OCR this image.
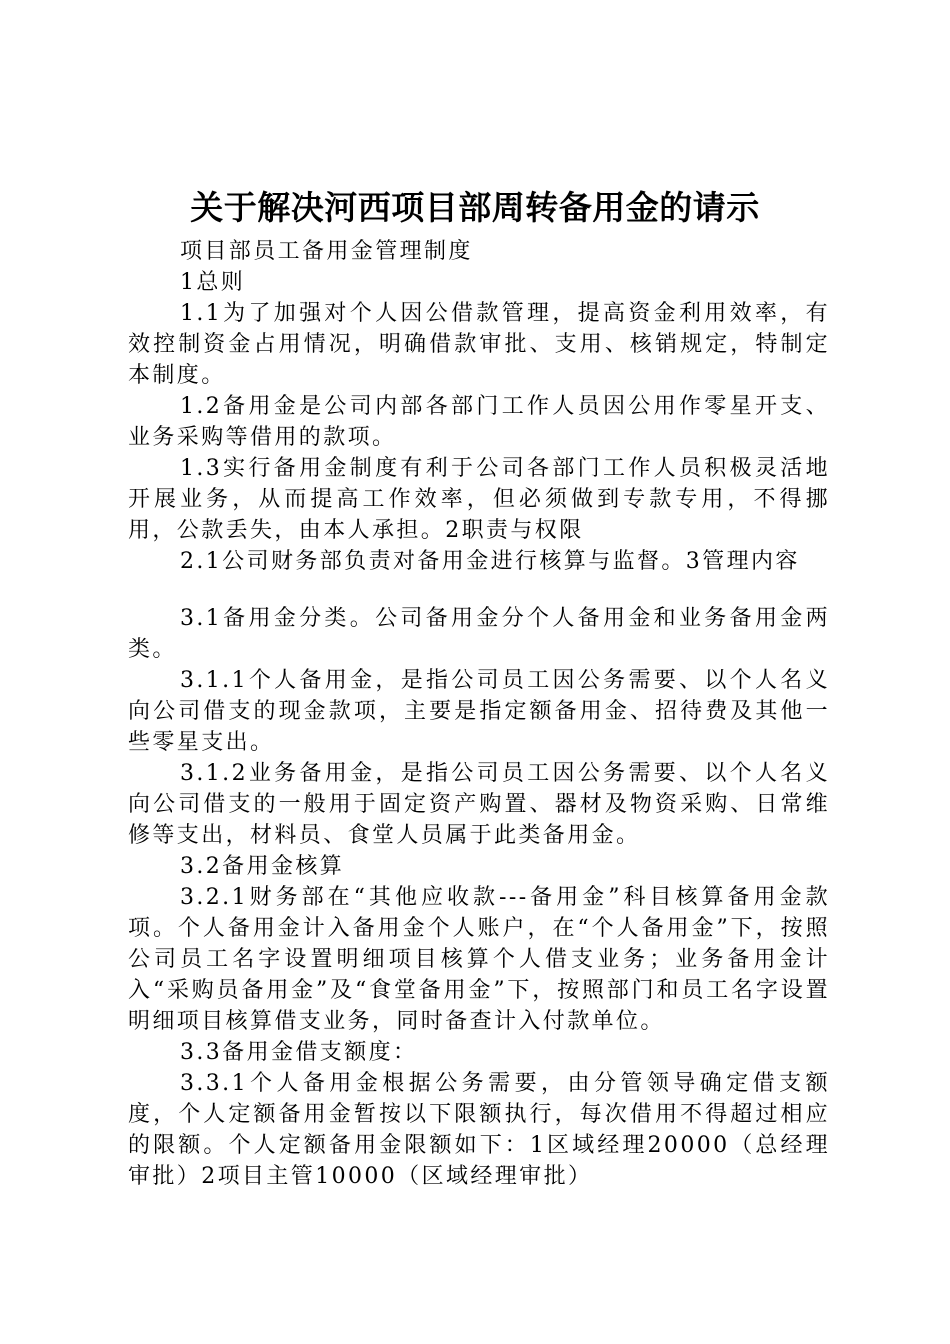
关于解决河西项目部周转备用金的请示

项目部员工备用金管理制度

1总则

1.1为了加强对个人因公借款管理，提高资金利用效率，有效控制资金占用情况，明确借款审批、支用、核销规定，特制定本制度。

1.2备用金是公司内部各部门工作人员因公用作零星开支、业务采购等借用的款项。

1.3实行备用金制度有利于公司各部门工作人员积极灵活地开展业务，从而提高工作效率，但必须做到专款专用，不得挪用，公款丢失，由本人承担。2职责与权限

2.1公司财务部负责对备用金进行核算与监督。3管理内容

3.1备用金分类。公司备用金分个人备用金和业务备用金两类。

3.1.1个人备用金，是指公司员工因公务需要、以个人名义向公司借支的现金款项，主要是指定额备用金、招待费及其他一些零星支出。

3.1.2业务备用金，是指公司员工因公务需要、以个人名义向公司借支的一般用于固定资产购置、器材及物资采购、日常维修等支出，材料员、食堂人员属于此类备用金。

3.2备用金核算

3.2.1财务部在“其他应收款---备用金”科目核算备用金款项。个人备用金计入备用金个人账户，在“个人备用金”下，按照公司员工名字设置明细项目核算个人借支业务；业务备用金计入“采购员备用金”及“食堂备用金”下，按照部门和员工名字设置明细项目核算借支业务，同时备查计入付款单位。

3.3备用金借支额度：

3.3.1个人备用金根据公务需要，由分管领导确定借支额度，个人定额备用金暂按以下限额执行，每次借用不得超过相应的限额。个人定额备用金限额如下：1区域经理20000（总经理审批）2项目主管10000（区域经理审批）
